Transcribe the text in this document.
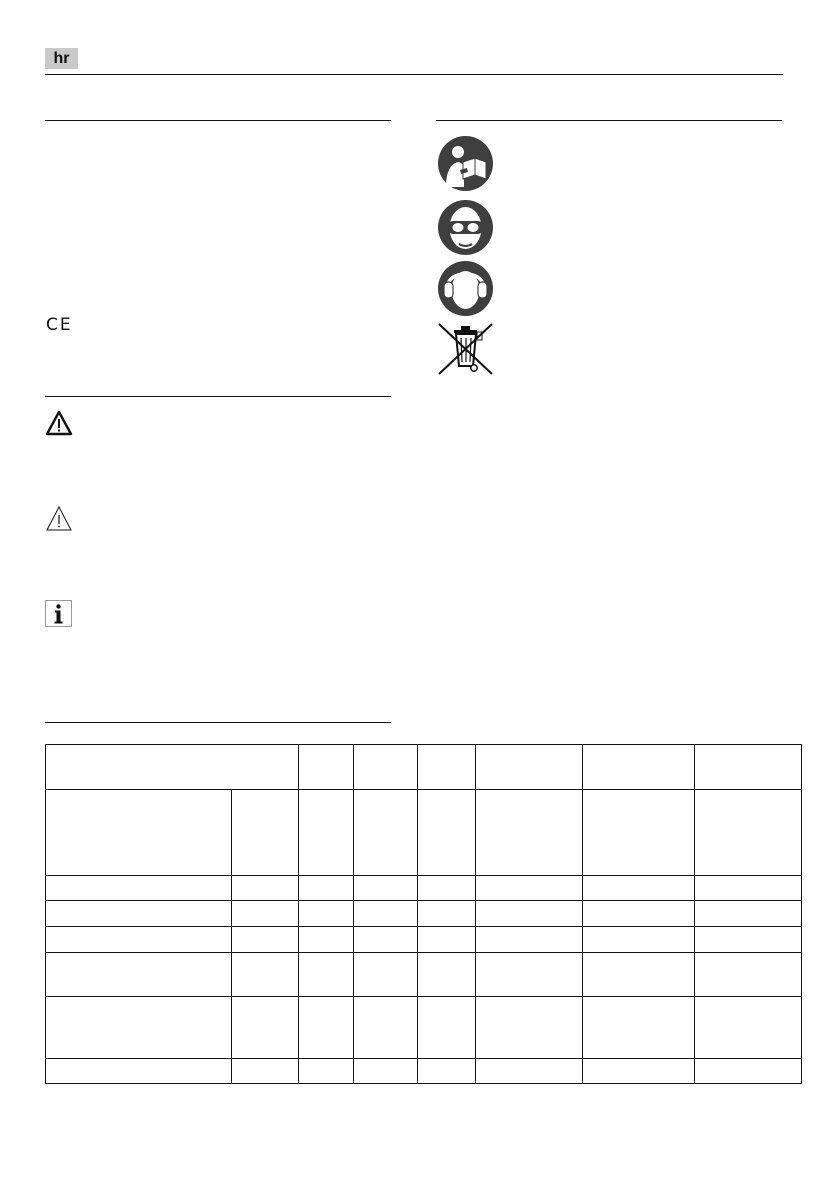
hr
CE
